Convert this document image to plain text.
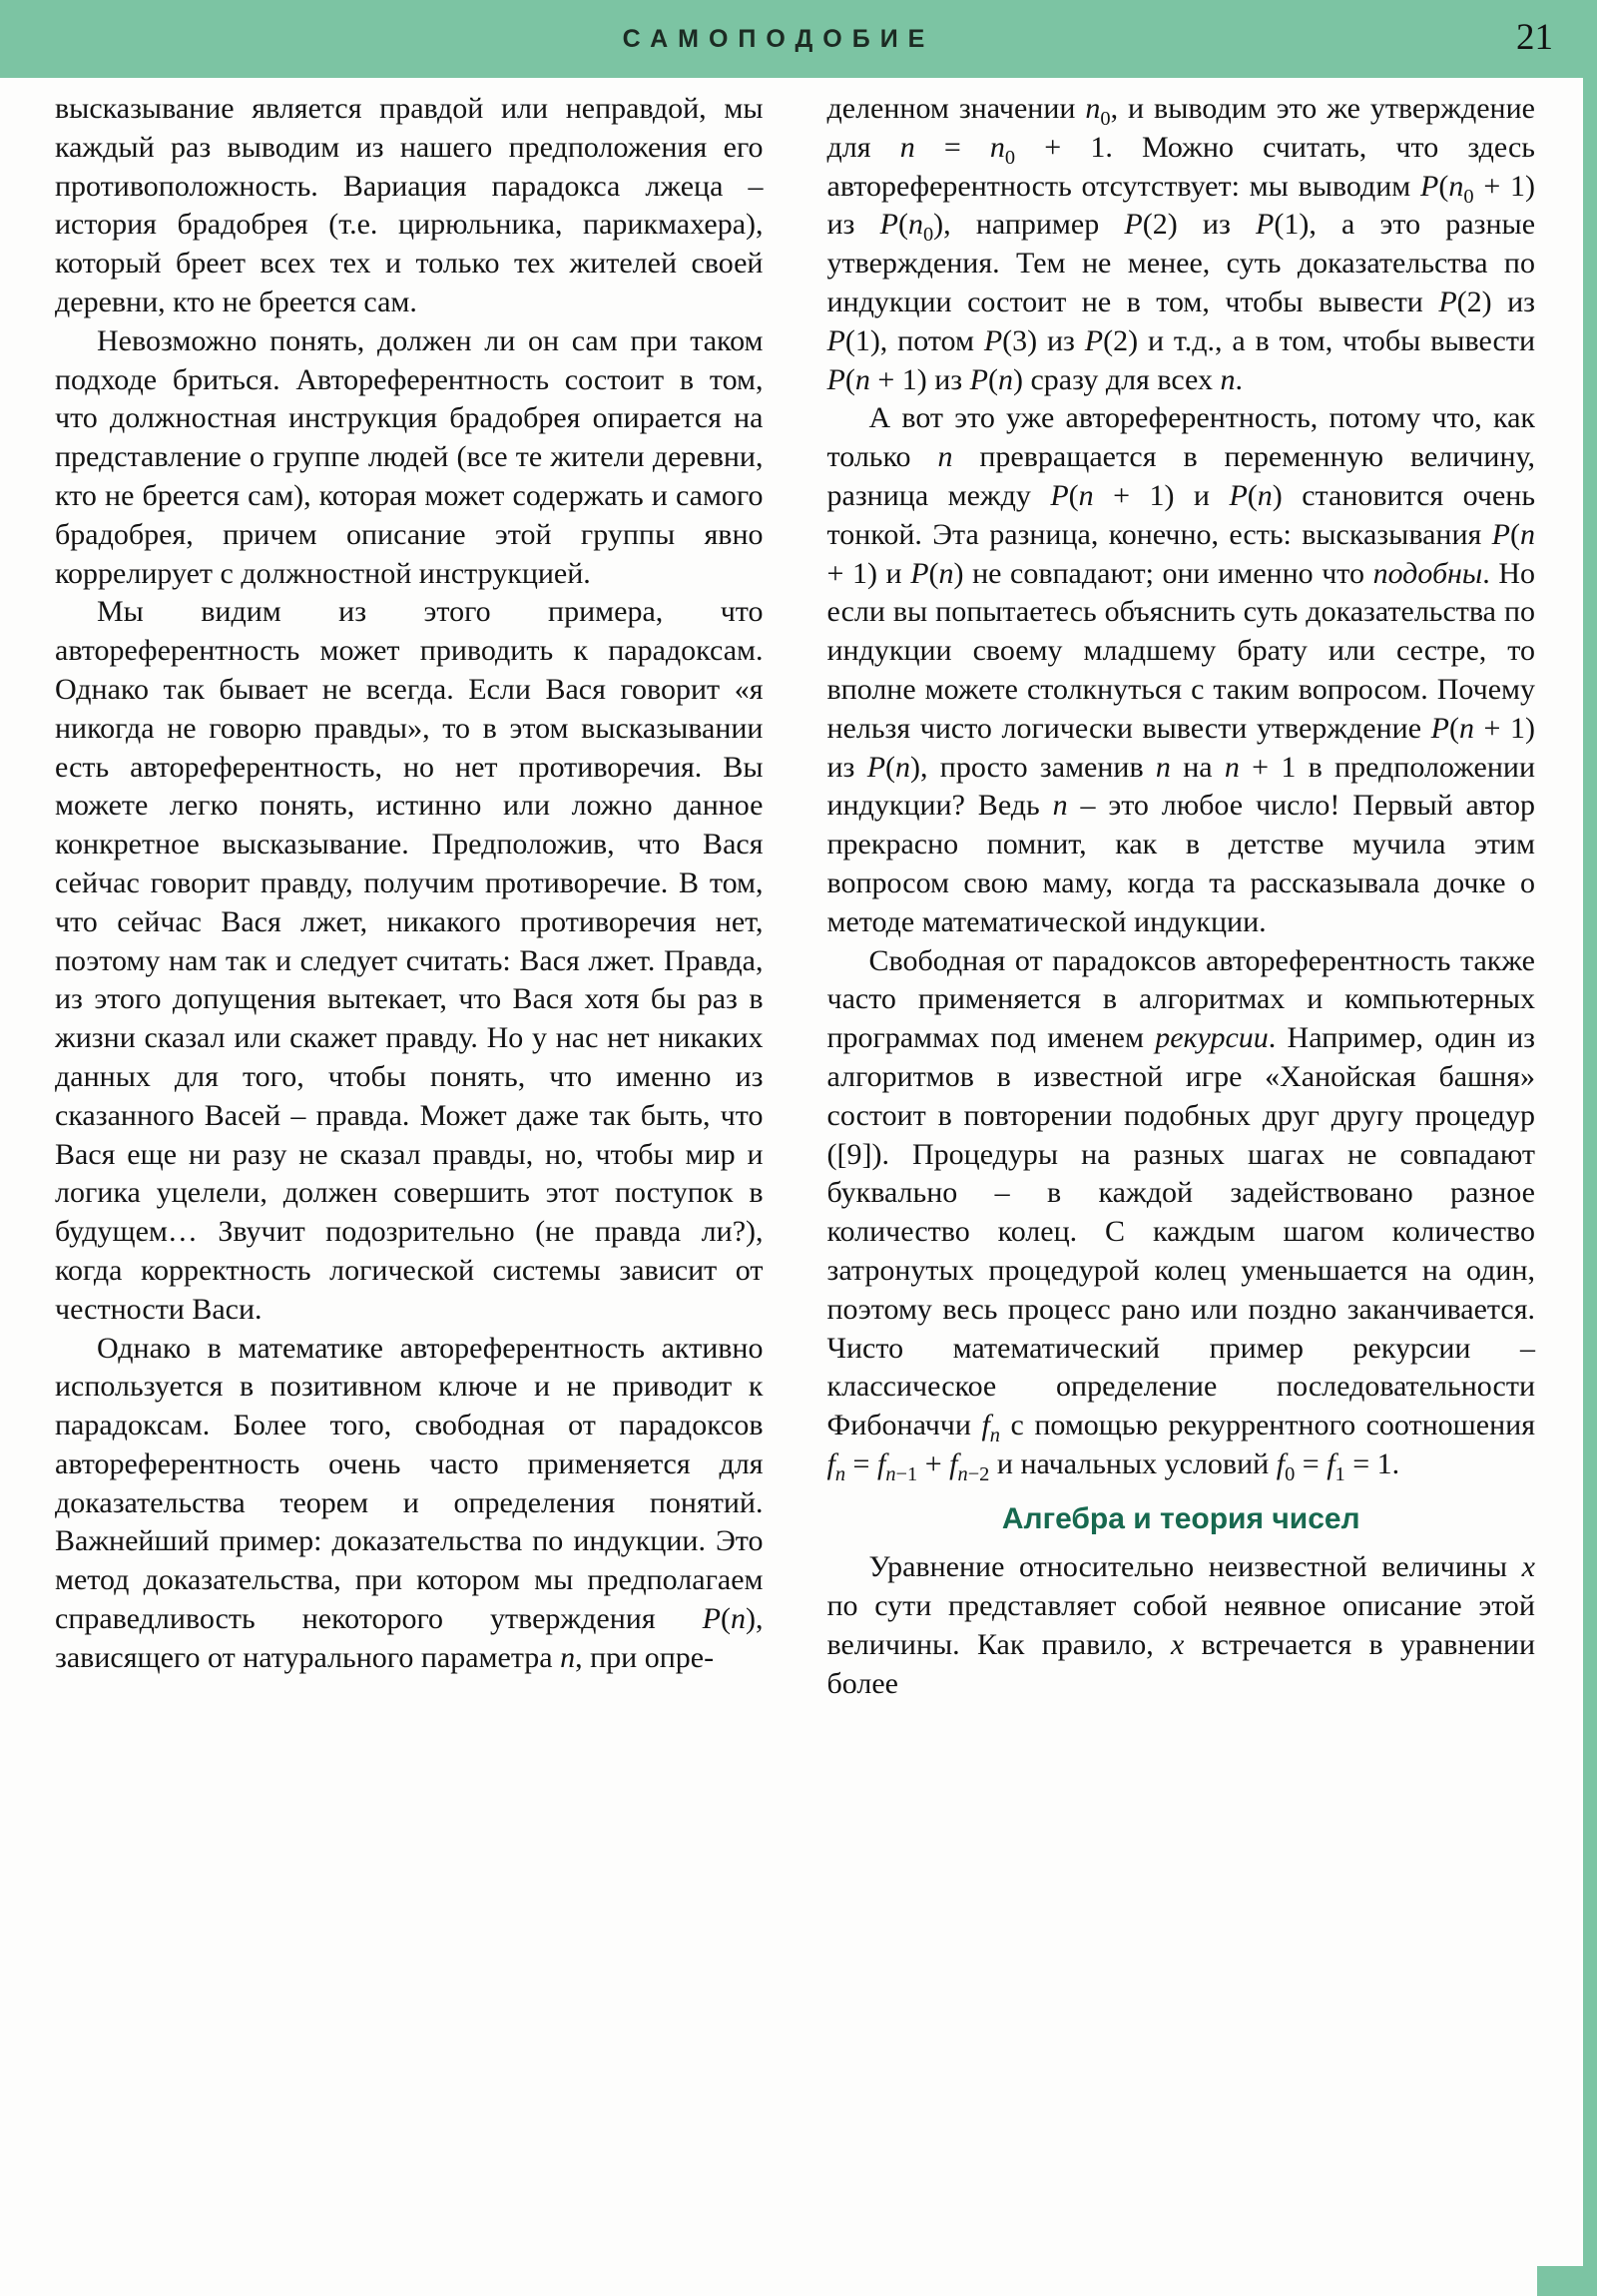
САМОПОДОБИЕ	21

высказывание является правдой или неправдой, мы каждый раз выводим из нашего предположения его противоположность. Вариация парадокса лжеца – история брадобрея (т.е. цирюльника, парикмахера), который бреет всех тех и только тех жителей своей деревни, кто не бреется сам.

Невозможно понять, должен ли он сам при таком подходе бриться. Автореферентность состоит в том, что должностная инструкция брадобрея опирается на представление о группе людей (все те жители деревни, кто не бреется сам), которая может содержать и самого брадобрея, причем описание этой группы явно коррелирует с должностной инструкцией.

Мы видим из этого примера, что автореферентность может приводить к парадоксам. Однако так бывает не всегда. Если Вася говорит «я никогда не говорю правды», то в этом высказывании есть автореферентность, но нет противоречия. Вы можете легко понять, истинно или ложно данное конкретное высказывание. Предположив, что Вася сейчас говорит правду, получим противоречие. В том, что сейчас Вася лжет, никакого противоречия нет, поэтому нам так и следует считать: Вася лжет. Правда, из этого допущения вытекает, что Вася хотя бы раз в жизни сказал или скажет правду. Но у нас нет никаких данных для того, чтобы понять, что именно из сказанного Васей – правда. Может даже так быть, что Вася еще ни разу не сказал правды, но, чтобы мир и логика уцелели, должен совершить этот поступок в будущем… Звучит подозрительно (не правда ли?), когда корректность логической системы зависит от честности Васи.

Однако в математике автореферентность активно используется в позитивном ключе и не приводит к парадоксам. Более того, свободная от парадоксов автореферентность очень часто применяется для доказательства теорем и определения понятий. Важнейший пример: доказательства по индукции. Это метод доказательства, при котором мы предполагаем справедливость некоторого утверждения P(n), зависящего от натурального параметра n, при опре-

деленном значении $n_0$, и выводим это же утверждение для $n = n_0 + 1$. Можно считать, что здесь автореферентность отсутствует: мы выводим $P(n_0 + 1)$ из $P(n_0)$, например P(2) из P(1), а это разные утверждения. Тем не менее, суть доказательства по индукции состоит не в том, чтобы вывести P(2) из P(1), потом P(3) из P(2) и т.д., а в том, чтобы вывести P(n + 1) из P(n) сразу для всех n.

А вот это уже автореферентность, потому что, как только n превращается в переменную величину, разница между P(n + 1) и P(n) становится очень тонкой. Эта разница, конечно, есть: высказывания P(n + 1) и P(n) не совпадают; они именно что подобны. Но если вы попытаетесь объяснить суть доказательства по индукции своему младшему брату или сестре, то вполне можете столкнуться с таким вопросом. Почему нельзя чисто логически вывести утверждение P(n + 1) из P(n), просто заменив n на n + 1 в предположении индукции? Ведь n – это любое число! Первый автор прекрасно помнит, как в детстве мучила этим вопросом свою маму, когда та рассказывала дочке о методе математической индукции.

Свободная от парадоксов автореферентность также часто применяется в алгоритмах и компьютерных программах под именем рекурсии. Например, один из алгоритмов в известной игре «Ханойская башня» состоит в повторении подобных друг другу процедур ([9]). Процедуры на разных шагах не совпадают буквально – в каждой задействовано разное количество колец. С каждым шагом количество затронутых процедурой колец уменьшается на один, поэтому весь процесс рано или поздно заканчивается. Чисто математический пример рекурсии – классическое определение последовательности Фибоначчи $f_n$ с помощью рекуррентного соотношения $f_n = f_{n-1} + f_{n-2}$ и начальных условий $f_0 = f_1 = 1$.

Алгебра и теория чисел

Уравнение относительно неизвестной величины x по сути представляет собой неявное описание этой величины. Как правило, x встречается в уравнении более
